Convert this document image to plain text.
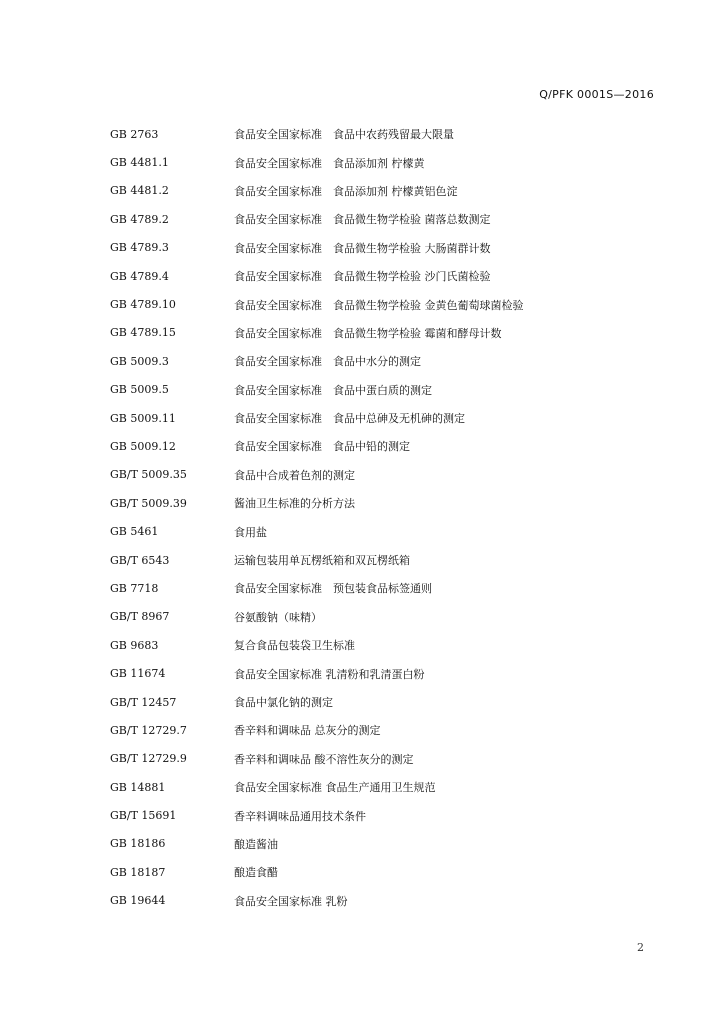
Q/PFK 0001S—2016
GB 2763	食品安全国家标准　食品中农药残留最大限量
GB 4481.1	食品安全国家标准　食品添加剂 柠檬黄
GB 4481.2	食品安全国家标准　食品添加剂 柠檬黄铝色淀
GB 4789.2	食品安全国家标准　食品微生物学检验 菌落总数测定
GB 4789.3	食品安全国家标准　食品微生物学检验 大肠菌群计数
GB 4789.4	食品安全国家标准　食品微生物学检验 沙门氏菌检验
GB 4789.10	食品安全国家标准　食品微生物学检验 金黄色葡萄球菌检验
GB 4789.15	食品安全国家标准　食品微生物学检验 霉菌和酵母计数
GB 5009.3	食品安全国家标准　食品中水分的测定
GB 5009.5	食品安全国家标准　食品中蛋白质的测定
GB 5009.11	食品安全国家标准　食品中总砷及无机砷的测定
GB 5009.12	食品安全国家标准　食品中铅的测定
GB/T 5009.35	食品中合成着色剂的测定
GB/T 5009.39	酱油卫生标准的分析方法
GB 5461	食用盐
GB/T 6543	运输包装用单瓦楞纸箱和双瓦楞纸箱
GB 7718	食品安全国家标准　预包装食品标签通则
GB/T 8967	谷氨酸钠（味精）
GB 9683	复合食品包装袋卫生标准
GB 11674	食品安全国家标准 乳清粉和乳清蛋白粉
GB/T 12457	食品中氯化钠的测定
GB/T 12729.7	香辛料和调味品 总灰分的测定
GB/T 12729.9	香辛料和调味品 酸不溶性灰分的测定
GB 14881	食品安全国家标准 食品生产通用卫生规范
GB/T 15691	香辛料调味品通用技术条件
GB 18186	酿造酱油
GB 18187	酿造食醋
GB 19644	食品安全国家标准 乳粉
2
